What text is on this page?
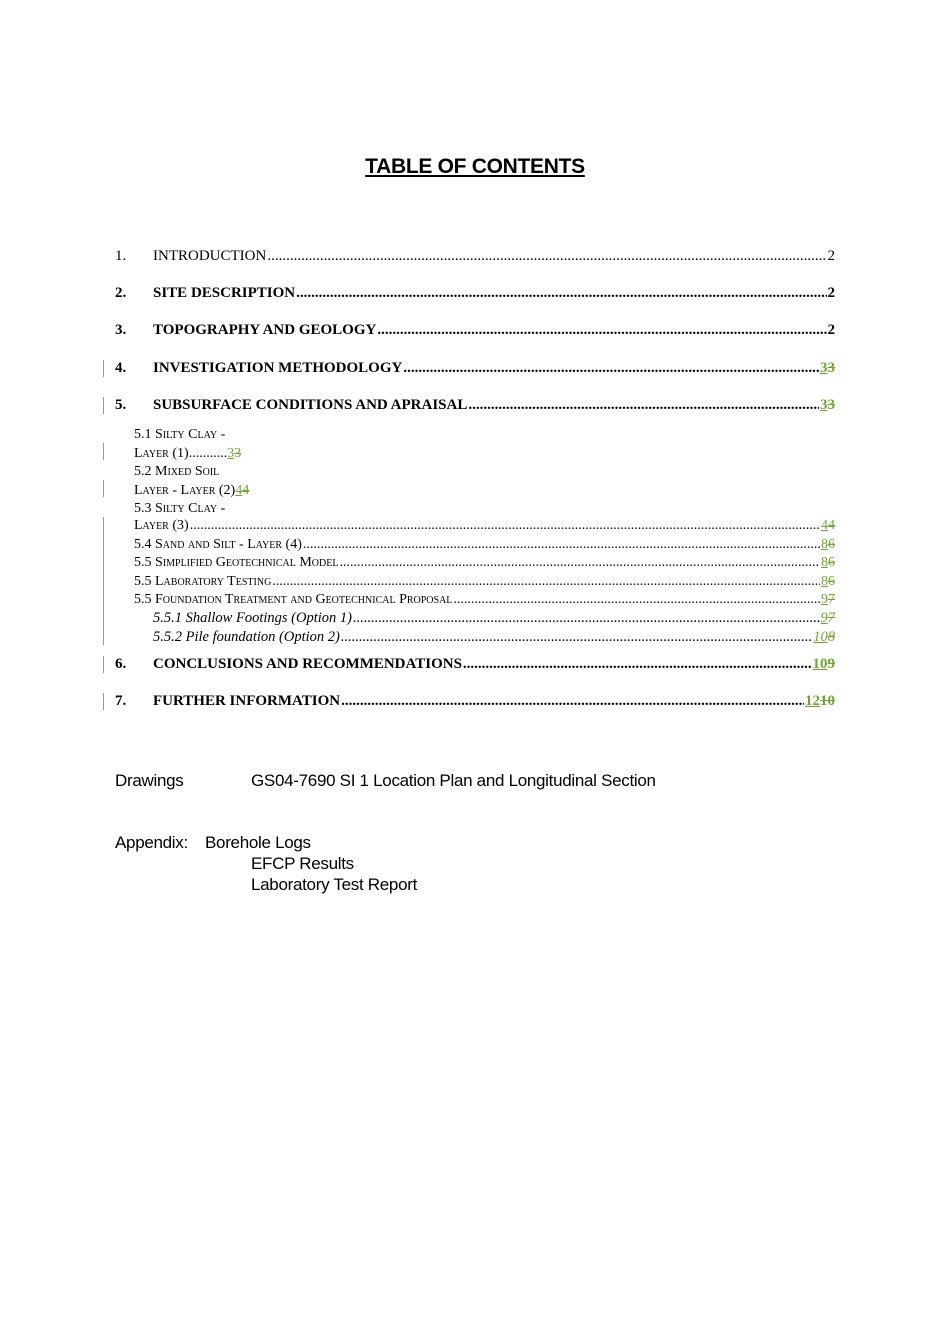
TABLE OF CONTENTS
1.	INTRODUCTION .....	2
2.	SITE DESCRIPTION .....	2
3.	TOPOGRAPHY AND GEOLOGY .....	2
4.	INVESTIGATION METHODOLOGY .....	33
5.	SUBSURFACE CONDITIONS AND APRAISAL .....	33
5.1 Silty Clay -
Layer (1)...........33
5.2 Mixed Soil
Layer - Layer (2)44
5.3 Silty Clay -
Layer (3) .....	44
5.4 Sand and Silt - Layer (4) .....	86
5.5 Simplified Geotechnical Model .....	86
5.5 Laboratory Testing .....	86
5.5 Foundation Treatment and Geotechnical Proposal .....	97
5.5.1 Shallow Footings (Option 1) .....	97
5.5.2 Pile foundation (Option 2) .....	108
6.	CONCLUSIONS AND RECOMMENDATIONS .....	109
7.	FURTHER INFORMATION .....	1210
Drawings	GS04-7690 SI 1 Location Plan and Longitudinal Section
Appendix: Borehole Logs
EFCP Results
Laboratory Test Report
